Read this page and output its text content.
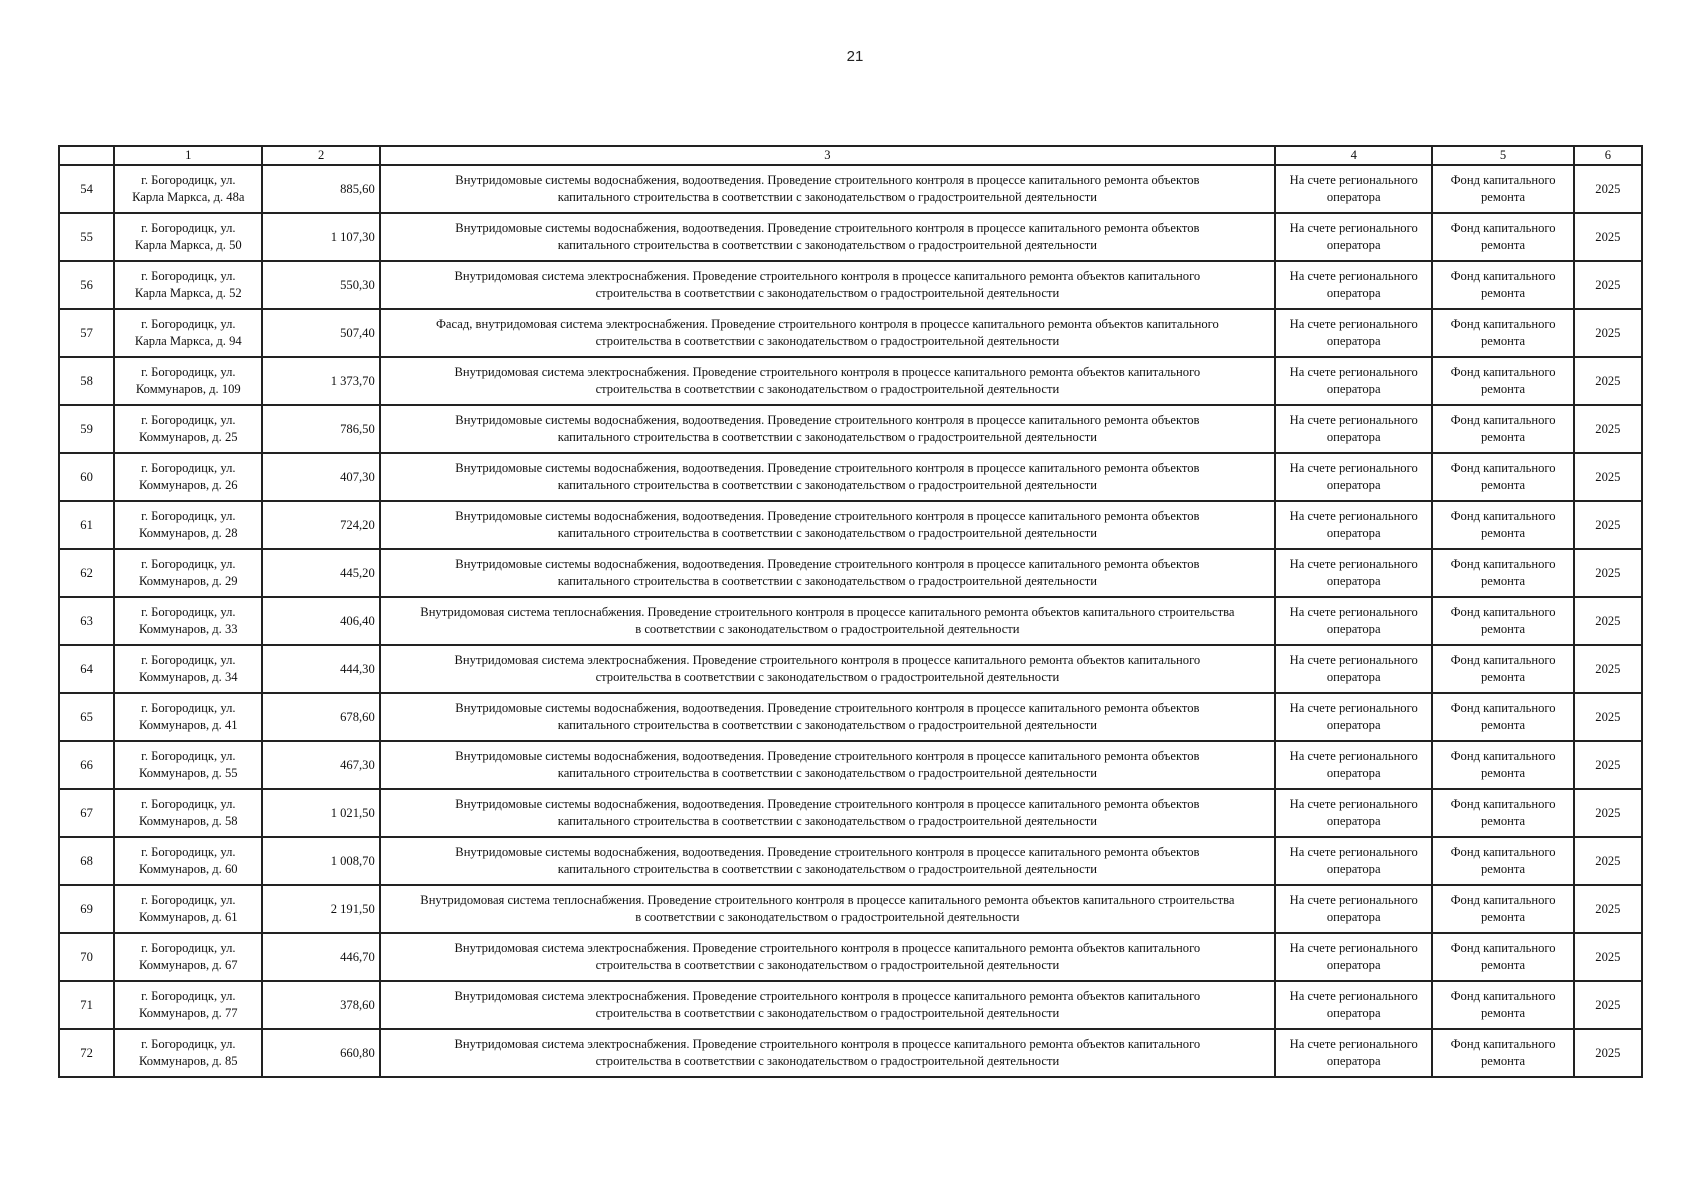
21
	1	2	3	4	5	6
54	г. Богородицк, ул.
Карла Маркса, д. 48а	885,60	Внутридомовые системы водоснабжения, водоотведения. Проведение строительного контроля в процессе капитального ремонта объектов
капитального строительства в соответствии с законодательством о градостроительной деятельности	На счете регионального
оператора	Фонд капитального
ремонта	2025
55	г. Богородицк, ул.
Карла Маркса, д. 50	1 107,30	Внутридомовые системы водоснабжения, водоотведения. Проведение строительного контроля в процессе капитального ремонта объектов
капитального строительства в соответствии с законодательством о градостроительной деятельности	На счете регионального
оператора	Фонд капитального
ремонта	2025
56	г. Богородицк, ул.
Карла Маркса, д. 52	550,30	Внутридомовая система электроснабжения. Проведение строительного контроля в процессе капитального ремонта объектов капитального
строительства в соответствии с законодательством о градостроительной деятельности	На счете регионального
оператора	Фонд капитального
ремонта	2025
57	г. Богородицк, ул.
Карла Маркса, д. 94	507,40	Фасад, внутридомовая система электроснабжения. Проведение строительного контроля в процессе капитального ремонта объектов капитального
строительства в соответствии с законодательством о градостроительной деятельности	На счете регионального
оператора	Фонд капитального
ремонта	2025
58	г. Богородицк, ул.
Коммунаров, д. 109	1 373,70	Внутридомовая система электроснабжения. Проведение строительного контроля в процессе капитального ремонта объектов капитального
строительства в соответствии с законодательством о градостроительной деятельности	На счете регионального
оператора	Фонд капитального
ремонта	2025
59	г. Богородицк, ул.
Коммунаров, д. 25	786,50	Внутридомовые системы водоснабжения, водоотведения. Проведение строительного контроля в процессе капитального ремонта объектов
капитального строительства в соответствии с законодательством о градостроительной деятельности	На счете регионального
оператора	Фонд капитального
ремонта	2025
60	г. Богородицк, ул.
Коммунаров, д. 26	407,30	Внутридомовые системы водоснабжения, водоотведения. Проведение строительного контроля в процессе капитального ремонта объектов
капитального строительства в соответствии с законодательством о градостроительной деятельности	На счете регионального
оператора	Фонд капитального
ремонта	2025
61	г. Богородицк, ул.
Коммунаров, д. 28	724,20	Внутридомовые системы водоснабжения, водоотведения. Проведение строительного контроля в процессе капитального ремонта объектов
капитального строительства в соответствии с законодательством о градостроительной деятельности	На счете регионального
оператора	Фонд капитального
ремонта	2025
62	г. Богородицк, ул.
Коммунаров, д. 29	445,20	Внутридомовые системы водоснабжения, водоотведения. Проведение строительного контроля в процессе капитального ремонта объектов
капитального строительства в соответствии с законодательством о градостроительной деятельности	На счете регионального
оператора	Фонд капитального
ремонта	2025
63	г. Богородицк, ул.
Коммунаров, д. 33	406,40	Внутридомовая система теплоснабжения. Проведение строительного контроля в процессе капитального ремонта объектов капитального строительства
в соответствии с законодательством о градостроительной деятельности	На счете регионального
оператора	Фонд капитального
ремонта	2025
64	г. Богородицк, ул.
Коммунаров, д. 34	444,30	Внутридомовая система электроснабжения. Проведение строительного контроля в процессе капитального ремонта объектов капитального
строительства в соответствии с законодательством о градостроительной деятельности	На счете регионального
оператора	Фонд капитального
ремонта	2025
65	г. Богородицк, ул.
Коммунаров, д. 41	678,60	Внутридомовые системы водоснабжения, водоотведения. Проведение строительного контроля в процессе капитального ремонта объектов
капитального строительства в соответствии с законодательством о градостроительной деятельности	На счете регионального
оператора	Фонд капитального
ремонта	2025
66	г. Богородицк, ул.
Коммунаров, д. 55	467,30	Внутридомовые системы водоснабжения, водоотведения. Проведение строительного контроля в процессе капитального ремонта объектов
капитального строительства в соответствии с законодательством о градостроительной деятельности	На счете регионального
оператора	Фонд капитального
ремонта	2025
67	г. Богородицк, ул.
Коммунаров, д. 58	1 021,50	Внутридомовые системы водоснабжения, водоотведения. Проведение строительного контроля в процессе капитального ремонта объектов
капитального строительства в соответствии с законодательством о градостроительной деятельности	На счете регионального
оператора	Фонд капитального
ремонта	2025
68	г. Богородицк, ул.
Коммунаров, д. 60	1 008,70	Внутридомовые системы водоснабжения, водоотведения. Проведение строительного контроля в процессе капитального ремонта объектов
капитального строительства в соответствии с законодательством о градостроительной деятельности	На счете регионального
оператора	Фонд капитального
ремонта	2025
69	г. Богородицк, ул.
Коммунаров, д. 61	2 191,50	Внутридомовая система теплоснабжения. Проведение строительного контроля в процессе капитального ремонта объектов капитального строительства
в соответствии с законодательством о градостроительной деятельности	На счете регионального
оператора	Фонд капитального
ремонта	2025
70	г. Богородицк, ул.
Коммунаров, д. 67	446,70	Внутридомовая система электроснабжения. Проведение строительного контроля в процессе капитального ремонта объектов капитального
строительства в соответствии с законодательством о градостроительной деятельности	На счете регионального
оператора	Фонд капитального
ремонта	2025
71	г. Богородицк, ул.
Коммунаров, д. 77	378,60	Внутридомовая система электроснабжения. Проведение строительного контроля в процессе капитального ремонта объектов капитального
строительства в соответствии с законодательством о градостроительной деятельности	На счете регионального
оператора	Фонд капитального
ремонта	2025
72	г. Богородицк, ул.
Коммунаров, д. 85	660,80	Внутридомовая система электроснабжения. Проведение строительного контроля в процессе капитального ремонта объектов капитального
строительства в соответствии с законодательством о градостроительной деятельности	На счете регионального
оператора	Фонд капитального
ремонта	2025
